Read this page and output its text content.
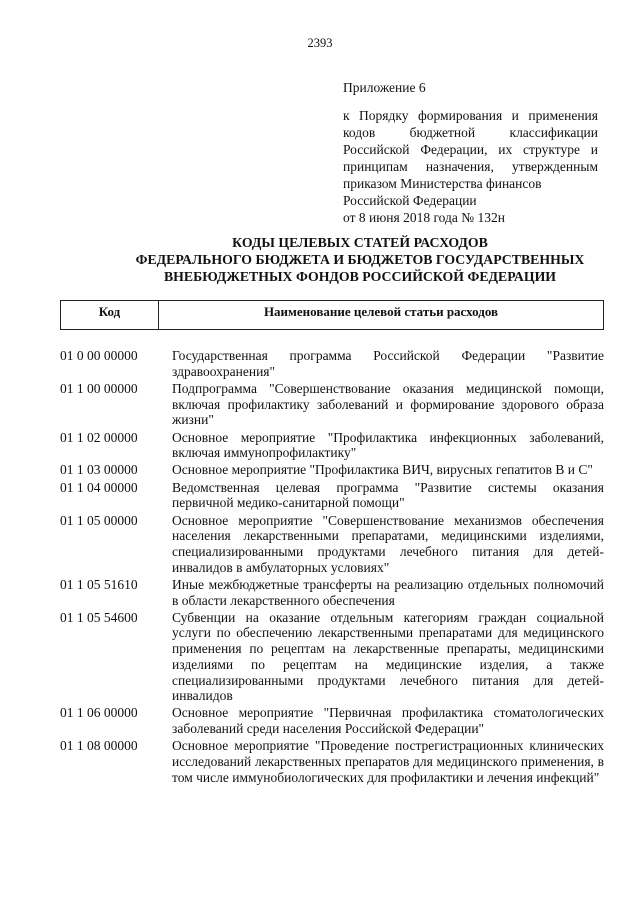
2393
Приложение 6
к Порядку формирования и применения
кодов бюджетной классификации
Российской Федерации, их структуре и
принципам назначения, утвержденным
приказом Министерства финансов
Российской Федерации
от 8 июня 2018 года № 132н
КОДЫ ЦЕЛЕВЫХ СТАТЕЙ РАСХОДОВ
ФЕДЕРАЛЬНОГО БЮДЖЕТА И БЮДЖЕТОВ ГОСУДАРСТВЕННЫХ
ВНЕБЮДЖЕТНЫХ ФОНДОВ РОССИЙСКОЙ ФЕДЕРАЦИИ
Код	Наименование целевой статьи расходов
01 0 00 00000	Государственная программа Российской Федерации "Развитие здравоохранения"
01 1 00 00000	Подпрограмма "Совершенствование оказания медицинской помощи, включая профилактику заболеваний и формирование здорового образа жизни"
01 1 02 00000	Основное мероприятие "Профилактика инфекционных заболеваний, включая иммунопрофилактику"
01 1 03 00000	Основное мероприятие "Профилактика ВИЧ, вирусных гепатитов В и С"
01 1 04 00000	Ведомственная целевая программа "Развитие системы оказания первичной медико-санитарной помощи"
01 1 05 00000	Основное мероприятие "Совершенствование механизмов обеспечения населения лекарственными препаратами, медицинскими изделиями, специализированными продуктами лечебного питания для детей-инвалидов в амбулаторных условиях"
01 1 05 51610	Иные межбюджетные трансферты на реализацию отдельных полномочий в области лекарственного обеспечения
01 1 05 54600	Субвенции на оказание отдельным категориям граждан социальной услуги по обеспечению лекарственными препаратами для медицинского применения по рецептам на лекарственные препараты, медицинскими изделиями по рецептам на медицинские изделия, а также специализированными продуктами лечебного питания для детей-инвалидов
01 1 06 00000	Основное мероприятие "Первичная профилактика стоматологических заболеваний среди населения Российской Федерации"
01 1 08 00000	Основное мероприятие "Проведение пострегистрационных клинических исследований лекарственных препаратов для медицинского применения, в том числе иммунобиологических для профилактики и лечения инфекций"
